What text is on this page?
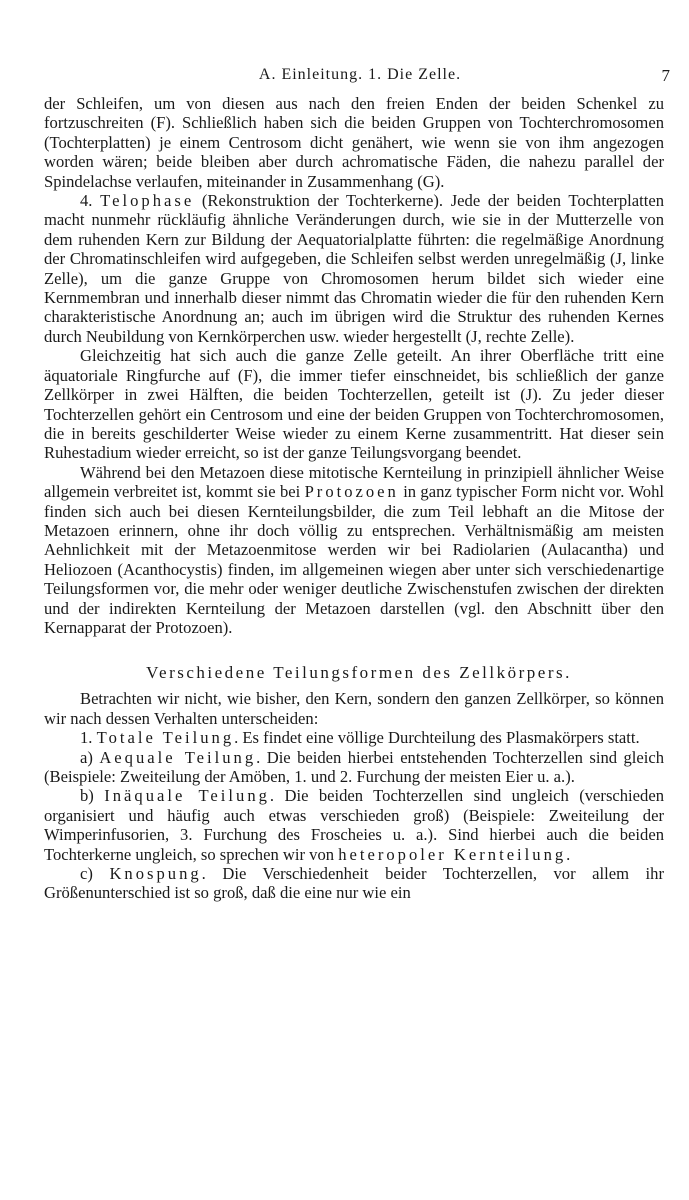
A. Einleitung. 1. Die Zelle.	7

der Schleifen, um von diesen aus nach den freien Enden der beiden Schenkel zu fortzuschreiten (F). Schließlich haben sich die beiden Gruppen von Tochterchromosomen (Tochterplatten) je einem Centrosom dicht genähert, wie wenn sie von ihm angezogen worden wären; beide bleiben aber durch achromatische Fäden, die nahezu parallel der Spindelachse verlaufen, miteinander in Zusammenhang (G).

4. Telophase (Rekonstruktion der Tochterkerne). Jede der beiden Tochterplatten macht nunmehr rückläufig ähnliche Veränderungen durch, wie sie in der Mutterzelle von dem ruhenden Kern zur Bildung der Aequatorialplatte führten: die regelmäßige Anordnung der Chromatinschleifen wird aufgegeben, die Schleifen selbst werden unregelmäßig (J, linke Zelle), um die ganze Gruppe von Chromosomen herum bildet sich wieder eine Kernmembran und innerhalb dieser nimmt das Chromatin wieder die für den ruhenden Kern charakteristische Anordnung an; auch im übrigen wird die Struktur des ruhenden Kernes durch Neubildung von Kernkörperchen usw. wieder hergestellt (J, rechte Zelle).

Gleichzeitig hat sich auch die ganze Zelle geteilt. An ihrer Oberfläche tritt eine äquatoriale Ringfurche auf (F), die immer tiefer einschneidet, bis schließlich der ganze Zellkörper in zwei Hälften, die beiden Tochterzellen, geteilt ist (J). Zu jeder dieser Tochterzellen gehört ein Centrosom und eine der beiden Gruppen von Tochterchromosomen, die in bereits geschilderter Weise wieder zu einem Kerne zusammentritt. Hat dieser sein Ruhestadium wieder erreicht, so ist der ganze Teilungsvorgang beendet.

Während bei den Metazoen diese mitotische Kernteilung in prinzipiell ähnlicher Weise allgemein verbreitet ist, kommt sie bei Protozoen in ganz typischer Form nicht vor. Wohl finden sich auch bei diesen Kernteilungsbilder, die zum Teil lebhaft an die Mitose der Metazoen erinnern, ohne ihr doch völlig zu entsprechen. Verhältnismäßig am meisten Aehnlichkeit mit der Metazoenmitose werden wir bei Radiolarien (Aulacantha) und Heliozoen (Acanthocystis) finden, im allgemeinen wiegen aber unter sich verschiedenartige Teilungsformen vor, die mehr oder weniger deutliche Zwischenstufen zwischen der direkten und der indirekten Kernteilung der Metazoen darstellen (vgl. den Abschnitt über den Kernapparat der Protozoen).

Verschiedene Teilungsformen des Zellkörpers.

Betrachten wir nicht, wie bisher, den Kern, sondern den ganzen Zellkörper, so können wir nach dessen Verhalten unterscheiden:

1. Totale Teilung. Es findet eine völlige Durchteilung des Plasmakörpers statt.

a) Aequale Teilung. Die beiden hierbei entstehenden Tochterzellen sind gleich (Beispiele: Zweiteilung der Amöben, 1. und 2. Furchung der meisten Eier u. a.).

b) Inäquale Teilung. Die beiden Tochterzellen sind ungleich (verschieden organisiert und häufig auch etwas verschieden groß) (Beispiele: Zweiteilung der Wimperinfusorien, 3. Furchung des Froscheies u. a.). Sind hierbei auch die beiden Tochterkerne ungleich, so sprechen wir von heteropoler Kernteilung.

c) Knospung. Die Verschiedenheit beider Tochterzellen, vor allem ihr Größenunterschied ist so groß, daß die eine nur wie ein
